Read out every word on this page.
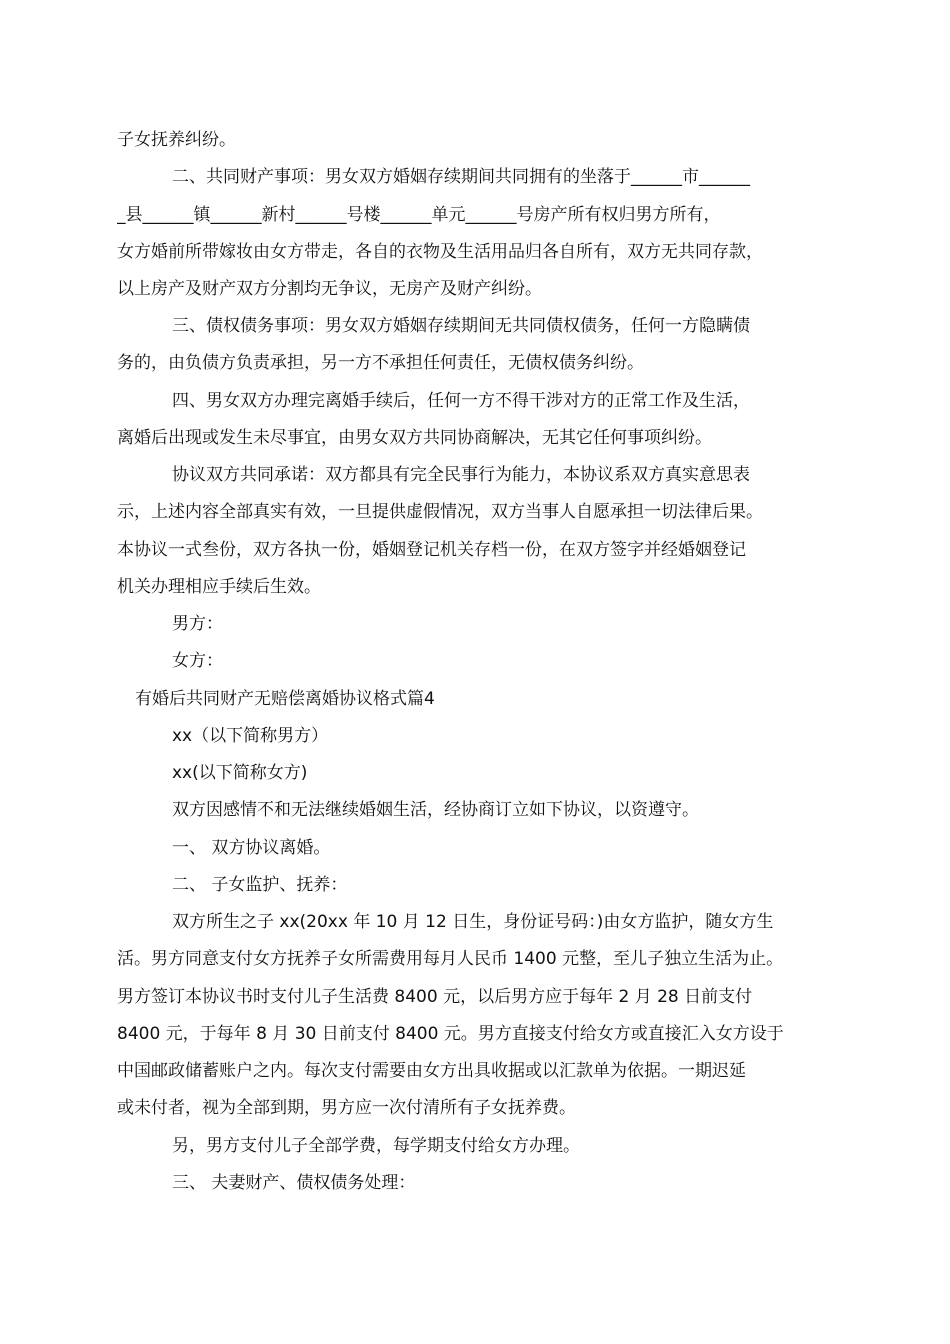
子女抚养纠纷。
二、共同财产事项：男女双方婚姻存续期间共同拥有的坐落于______市______
_县______镇______新村______号楼______单元______号房产所有权归男方所有，
女方婚前所带嫁妆由女方带走，各自的衣物及生活用品归各自所有，双方无共同存款，
以上房产及财产双方分割均无争议，无房产及财产纠纷。
三、债权债务事项：男女双方婚姻存续期间无共同债权债务，任何一方隐瞒债
务的，由负债方负责承担，另一方不承担任何责任，无债权债务纠纷。
四、男女双方办理完离婚手续后，任何一方不得干涉对方的正常工作及生活，
离婚后出现或发生未尽事宜，由男女双方共同协商解决，无其它任何事项纠纷。
协议双方共同承诺：双方都具有完全民事行为能力，本协议系双方真实意思表
示，上述内容全部真实有效，一旦提供虚假情况，双方当事人自愿承担一切法律后果。
本协议一式叁份，双方各执一份，婚姻登记机关存档一份，在双方签字并经婚姻登记
机关办理相应手续后生效。
男方：
女方：
有婚后共同财产无赔偿离婚协议格式篇4
xx（以下简称男方）
xx(以下简称女方)
双方因感情不和无法继续婚姻生活，经协商订立如下协议，以资遵守。
一、 双方协议离婚。
二、 子女监护、抚养：
双方所生之子 xx(20xx 年 10 月 12 日生，身份证号码：)由女方监护，随女方生
活。男方同意支付女方抚养子女所需费用每月人民币 1400 元整，至儿子独立生活为止。
男方签订本协议书时支付儿子生活费 8400 元，以后男方应于每年 2 月 28 日前支付
8400 元，于每年 8 月 30 日前支付 8400 元。男方直接支付给女方或直接汇入女方设于
中国邮政储蓄账户之内。每次支付需要由女方出具收据或以汇款单为依据。一期迟延
或未付者，视为全部到期，男方应一次付清所有子女抚养费。
另，男方支付儿子全部学费，每学期支付给女方办理。
三、 夫妻财产、债权债务处理：
